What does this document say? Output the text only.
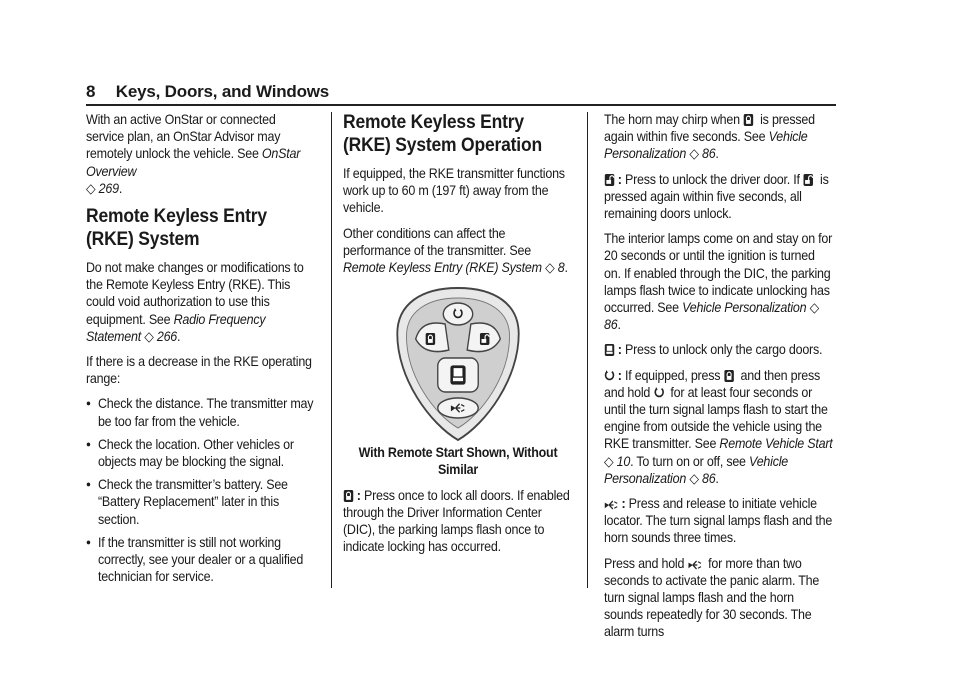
8 Keys, Doors, and Windows

With an active OnStar or connected service plan, an OnStar Advisor may remotely unlock the vehicle. See OnStar Overview
◇ 269.

Remote Keyless Entry (RKE) System

Do not make changes or modifications to the Remote Keyless Entry (RKE). This could void authorization to use this equipment. See Radio Frequency Statement ◇ 266.

If there is a decrease in the RKE operating range:

● Check the distance. The transmitter may be too far from the vehicle.
● Check the location. Other vehicles or objects may be blocking the signal.
● Check the transmitter’s battery. See “Battery Replacement” later in this section.
● If the transmitter is still not working correctly, see your dealer or a qualified technician for service.
Remote Keyless Entry (RKE) System Operation

If equipped, the RKE transmitter functions work up to 60 m (197 ft) away from the vehicle.

Other conditions can affect the performance of the transmitter. See Remote Keyless Entry (RKE) System ◇ 8.

With Remote Start Shown, Without Similar

: Press once to lock all doors. If enabled through the Driver Information Center (DIC), the parking lamps flash once to indicate locking has occurred.

The horn may chirp when  is pressed again within five seconds. See Vehicle Personalization ◇ 86.

: Press to unlock the driver door. If  is pressed again within five seconds, all remaining doors unlock.

The interior lamps come on and stay on for 20 seconds or until the ignition is turned on. If enabled through the DIC, the parking lamps flash twice to indicate unlocking has occurred. See Vehicle Personalization ◇ 86.

: Press to unlock only the cargo doors.

: If equipped, press  and then press and hold  for at least four seconds or until the turn signal lamps flash to start the engine from outside the vehicle using the RKE transmitter. See Remote Vehicle Start
◇ 10. To turn on or off, see Vehicle Personalization ◇ 86.

: Press and release to initiate vehicle locator. The turn signal lamps flash and the horn sounds three times.

Press and hold  for more than two seconds to activate the panic alarm. The turn signal lamps flash and the horn sounds repeatedly for 30 seconds. The alarm turns
